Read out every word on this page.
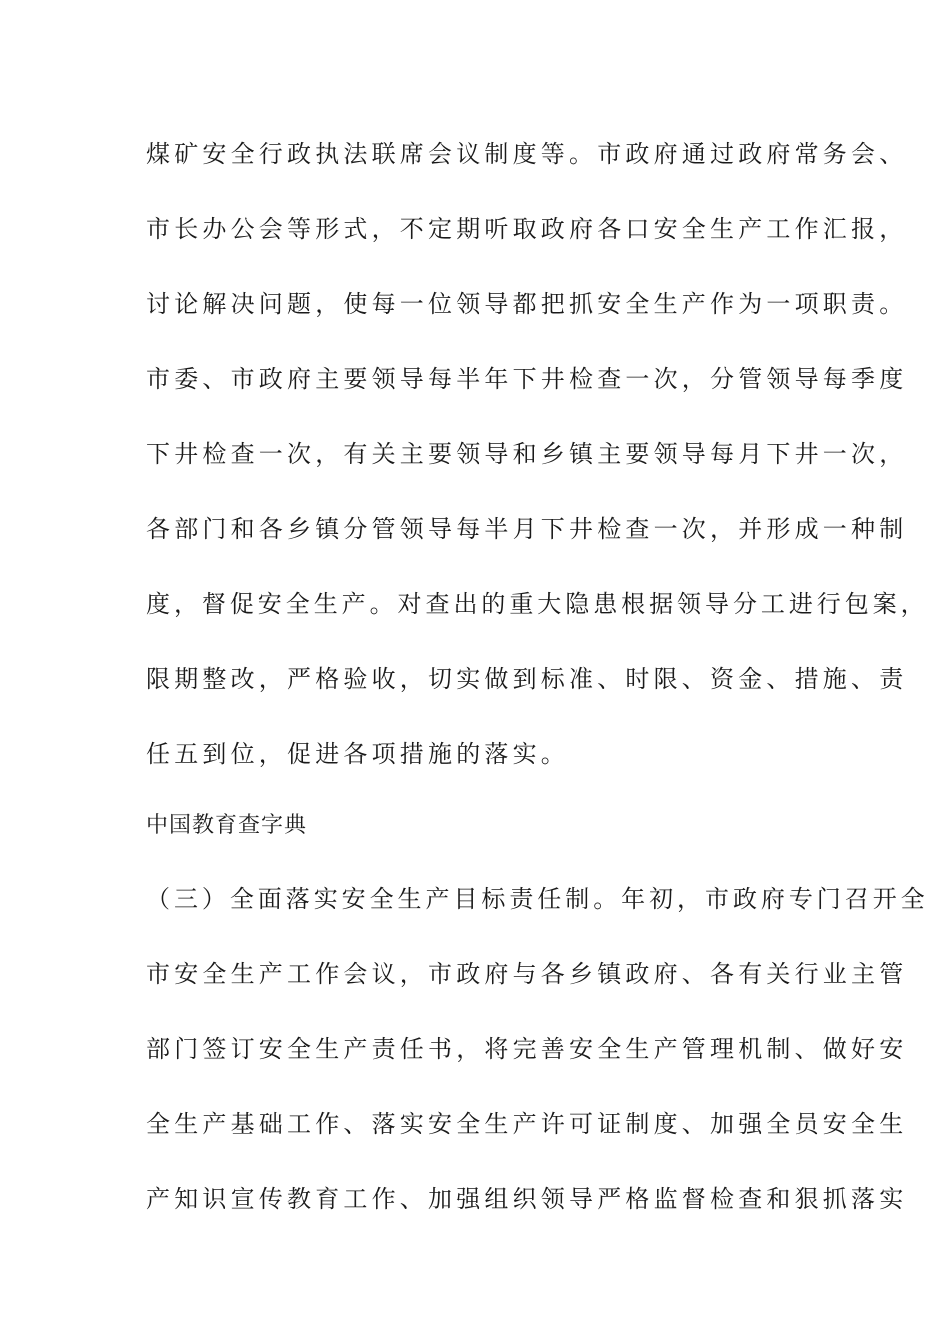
煤矿安全行政执法联席会议制度等。市政府通过政府常务会、
市长办公会等形式，不定期听取政府各口安全生产工作汇报，
讨论解决问题，使每一位领导都把抓安全生产作为一项职责。
市委、市政府主要领导每半年下井检查一次，分管领导每季度
下井检查一次，有关主要领导和乡镇主要领导每月下井一次，
各部门和各乡镇分管领导每半月下井检查一次，并形成一种制
度，督促安全生产。对查出的重大隐患根据领导分工进行包案，
限期整改，严格验收，切实做到标准、时限、资金、措施、责
任五到位，促进各项措施的落实。
中国教育查字典
（三）全面落实安全生产目标责任制。年初，市政府专门召开全
市安全生产工作会议，市政府与各乡镇政府、各有关行业主管
部门签订安全生产责任书，将完善安全生产管理机制、做好安
全生产基础工作、落实安全生产许可证制度、加强全员安全生
产知识宣传教育工作、加强组织领导严格监督检查和狠抓落实
